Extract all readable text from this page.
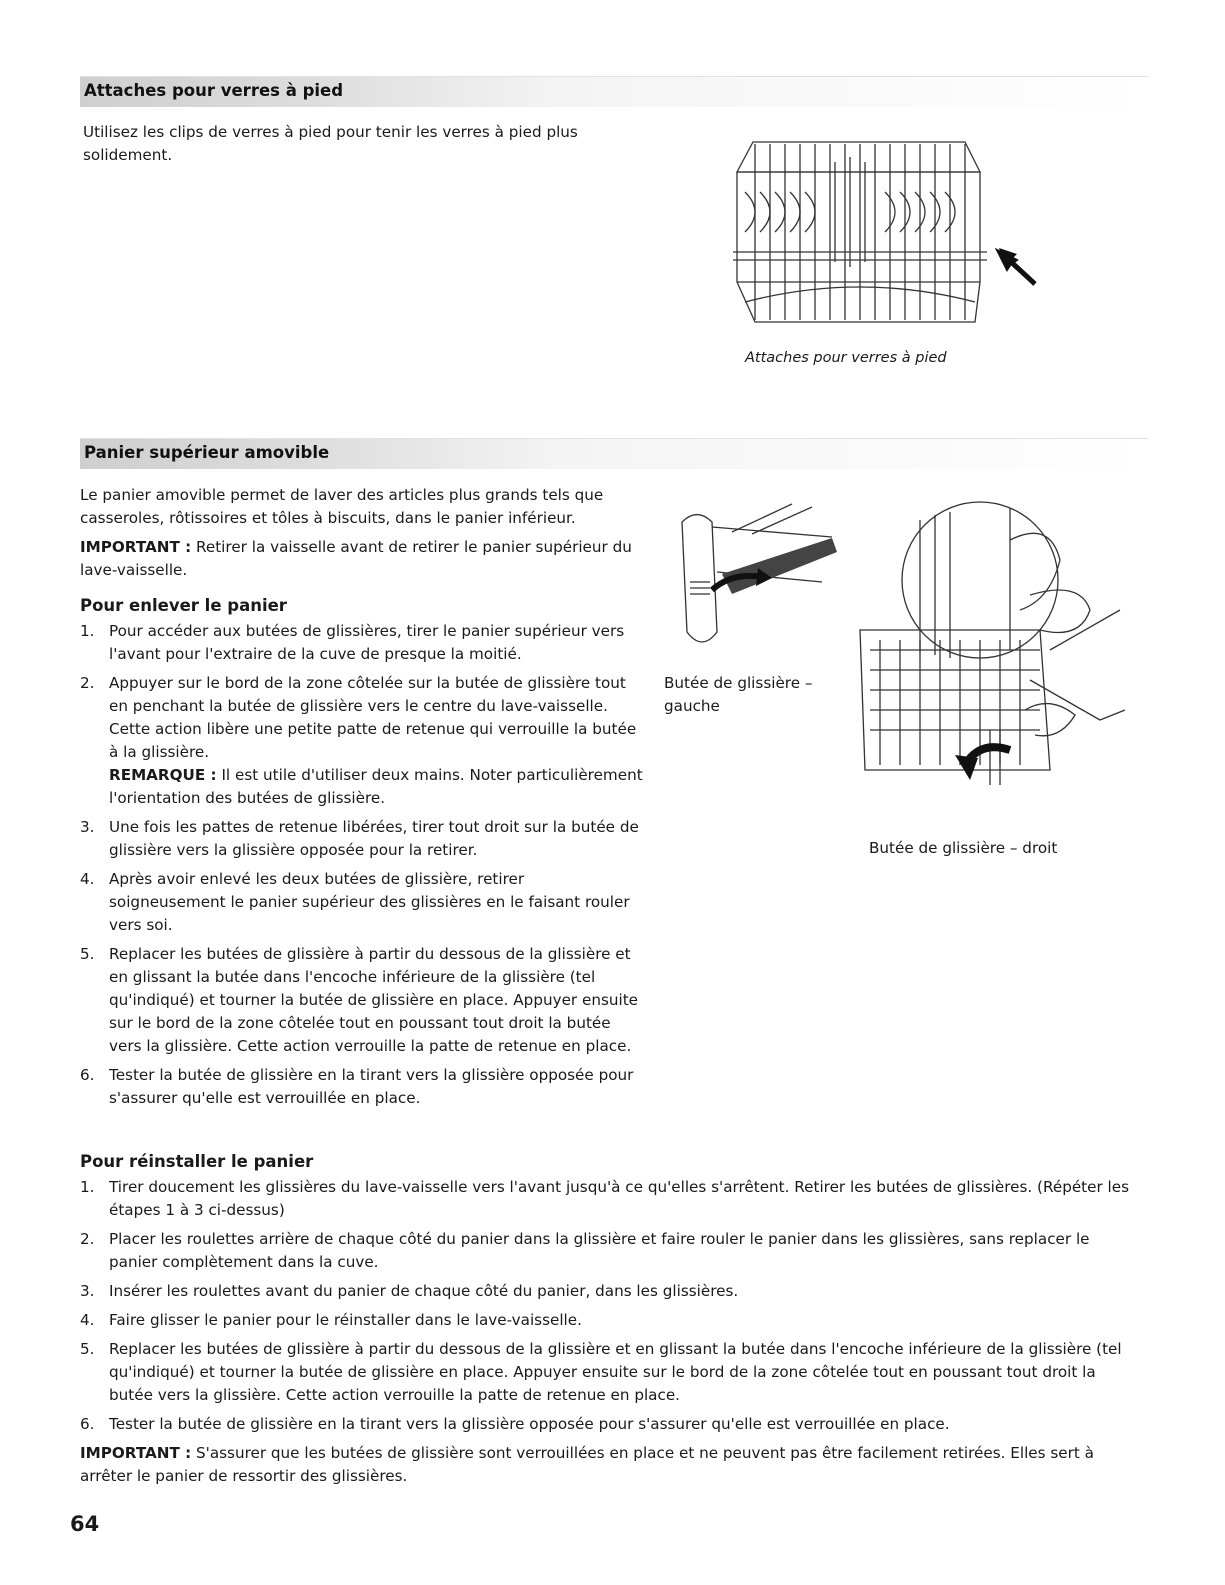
Attaches pour verres à pied

Utilisez les clips de verres à pied pour tenir les verres à pied plus solidement.

Attaches pour verres à pied
Panier supérieur amovible

Le panier amovible permet de laver des articles plus grands tels que casseroles, rôtissoires et tôles à biscuits, dans le panier inférieur.

IMPORTANT : Retirer la vaisselle avant de retirer le panier supérieur du lave-vaisselle.

Pour enlever le panier
1. Pour accéder aux butées de glissières, tirer le panier supérieur vers l'avant pour l'extraire de la cuve de presque la moitié.
2. Appuyer sur le bord de la zone côtelée sur la butée de glissière tout en penchant la butée de glissière vers le centre du lave-vaisselle. Cette action libère une petite patte de retenue qui verrouille la butée à la glissière.
REMARQUE : Il est utile d'utiliser deux mains. Noter particulièrement l'orientation des butées de glissière.
3. Une fois les pattes de retenue libérées, tirer tout droit sur la butée de glissière vers la glissière opposée pour la retirer.
4. Après avoir enlevé les deux butées de glissière, retirer soigneusement le panier supérieur des glissières en le faisant rouler vers soi.
5. Replacer les butées de glissière à partir du dessous de la glissière et en glissant la butée dans l'encoche inférieure de la glissière (tel qu'indiqué) et tourner la butée de glissière en place. Appuyer ensuite sur le bord de la zone côtelée tout en poussant tout droit la butée vers la glissière. Cette action verrouille la patte de retenue en place.
6. Tester la butée de glissière en la tirant vers la glissière opposée pour s'assurer qu'elle est verrouillée en place.
Butée de glissière – gauche
Butée de glissière – droit
Pour réinstaller le panier
1. Tirer doucement les glissières du lave-vaisselle vers l'avant jusqu'à ce qu'elles s'arrêtent. Retirer les butées de glissières. (Répéter les étapes 1 à 3 ci-dessus)
2. Placer les roulettes arrière de chaque côté du panier dans la glissière et faire rouler le panier dans les glissières, sans replacer le panier complètement dans la cuve.
3. Insérer les roulettes avant du panier de chaque côté du panier, dans les glissières.
4. Faire glisser le panier pour le réinstaller dans le lave-vaisselle.
5. Replacer les butées de glissière à partir du dessous de la glissière et en glissant la butée dans l'encoche inférieure de la glissière (tel qu'indiqué) et tourner la butée de glissière en place. Appuyer ensuite sur le bord de la zone côtelée tout en poussant tout droit la butée vers la glissière. Cette action verrouille la patte de retenue en place.
6. Tester la butée de glissière en la tirant vers la glissière opposée pour s'assurer qu'elle est verrouillée en place.

IMPORTANT : S'assurer que les butées de glissière sont verrouillées en place et ne peuvent pas être facilement retirées. Elles sert à arrêter le panier de ressortir des glissières.

64
